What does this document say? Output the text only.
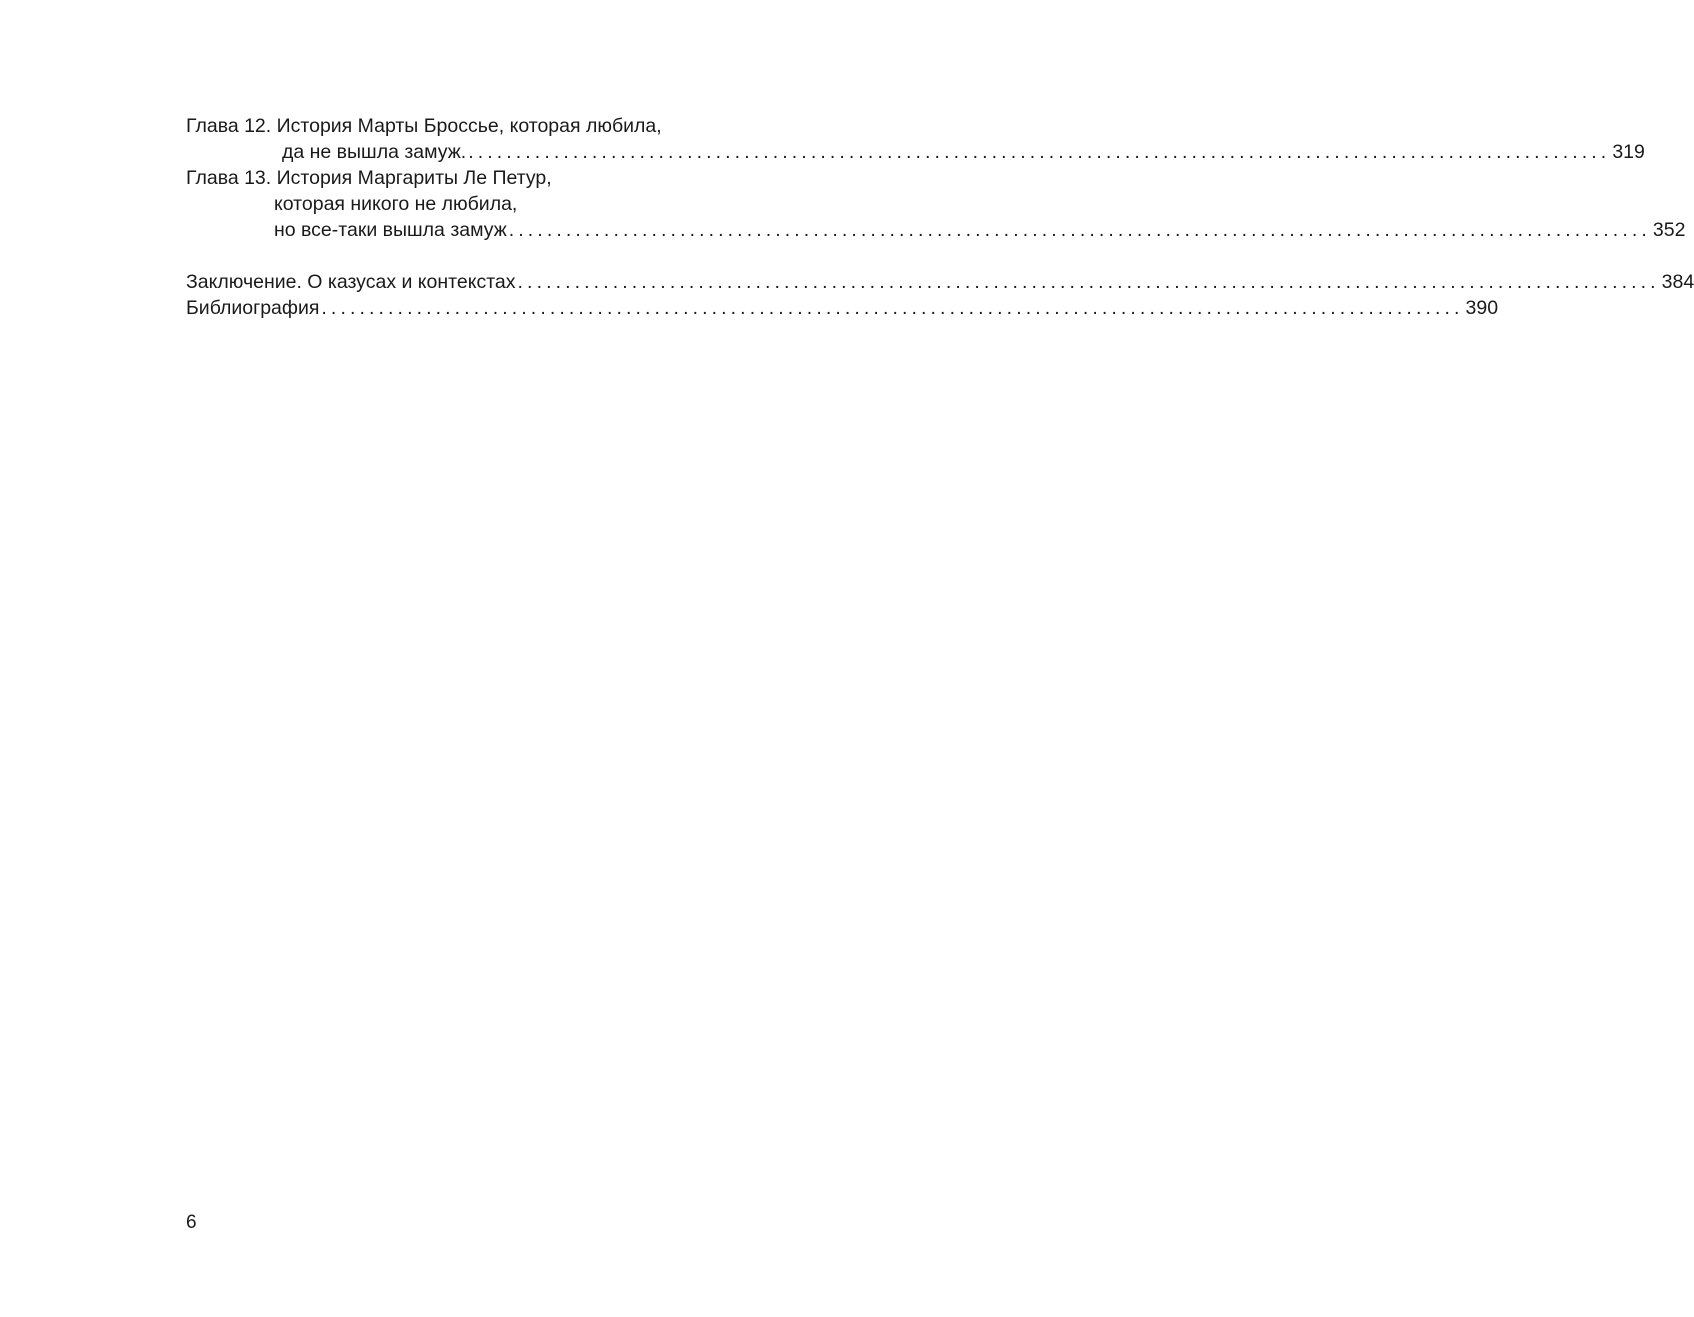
Глава 12. История Марты Броссье, которая любила,
да не вышла замуж. ........................................................................................................................ 319
Глава 13. История Маргариты Ле Петур,
которая никого не любила,
но все-таки вышла замуж ........................................................................................................................ 352
Заключение. О казусах и контекстах ........................................................................................................................ 384
Библиография ........................................................................................................................ 390
6
